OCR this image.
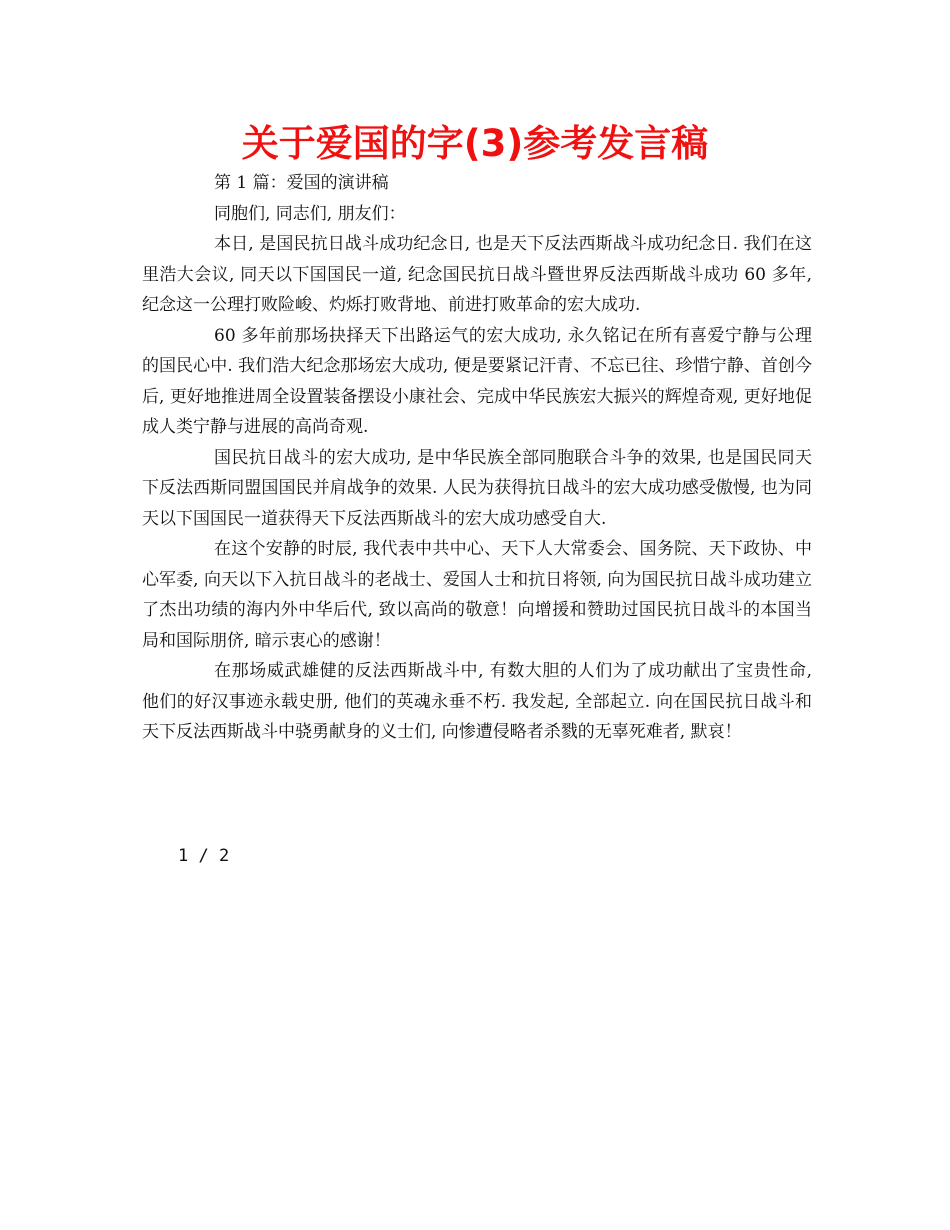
关于爱国的字(3)参考发言稿

第 1 篇：爱国的演讲稿

同胞们, 同志们, 朋友们：

本日, 是国民抗日战斗成功纪念日, 也是天下反法西斯战斗成功纪念日. 我们在这里浩大会议, 同天以下国国民一道, 纪念国民抗日战斗暨世界反法西斯战斗成功 60 多年, 纪念这一公理打败险峻、灼烁打败背地、前进打败革命的宏大成功.

60 多年前那场抉择天下出路运气的宏大成功, 永久铭记在所有喜爱宁静与公理的国民心中. 我们浩大纪念那场宏大成功, 便是要紧记汗青、不忘已往、珍惜宁静、首创今后, 更好地推进周全设置装备摆设小康社会、完成中华民族宏大振兴的辉煌奇观, 更好地促成人类宁静与进展的高尚奇观.

国民抗日战斗的宏大成功, 是中华民族全部同胞联合斗争的效果, 也是国民同天下反法西斯同盟国国民并肩战争的效果. 人民为获得抗日战斗的宏大成功感受傲慢, 也为同天以下国国民一道获得天下反法西斯战斗的宏大成功感受自大.

在这个安静的时辰, 我代表中共中心、天下人大常委会、国务院、天下政协、中心军委, 向天以下入抗日战斗的老战士、爱国人士和抗日将领, 向为国民抗日战斗成功建立了杰出功绩的海内外中华后代, 致以高尚的敬意！向增援和赞助过国民抗日战斗的本国当局和国际朋侪, 暗示衷心的感谢！

在那场威武雄健的反法西斯战斗中, 有数大胆的人们为了成功献出了宝贵性命, 他们的好汉事迹永载史册, 他们的英魂永垂不朽. 我发起, 全部起立. 向在国民抗日战斗和天下反法西斯战斗中骁勇献身的义士们, 向惨遭侵略者杀戮的无辜死难者, 默哀！

1 / 2
